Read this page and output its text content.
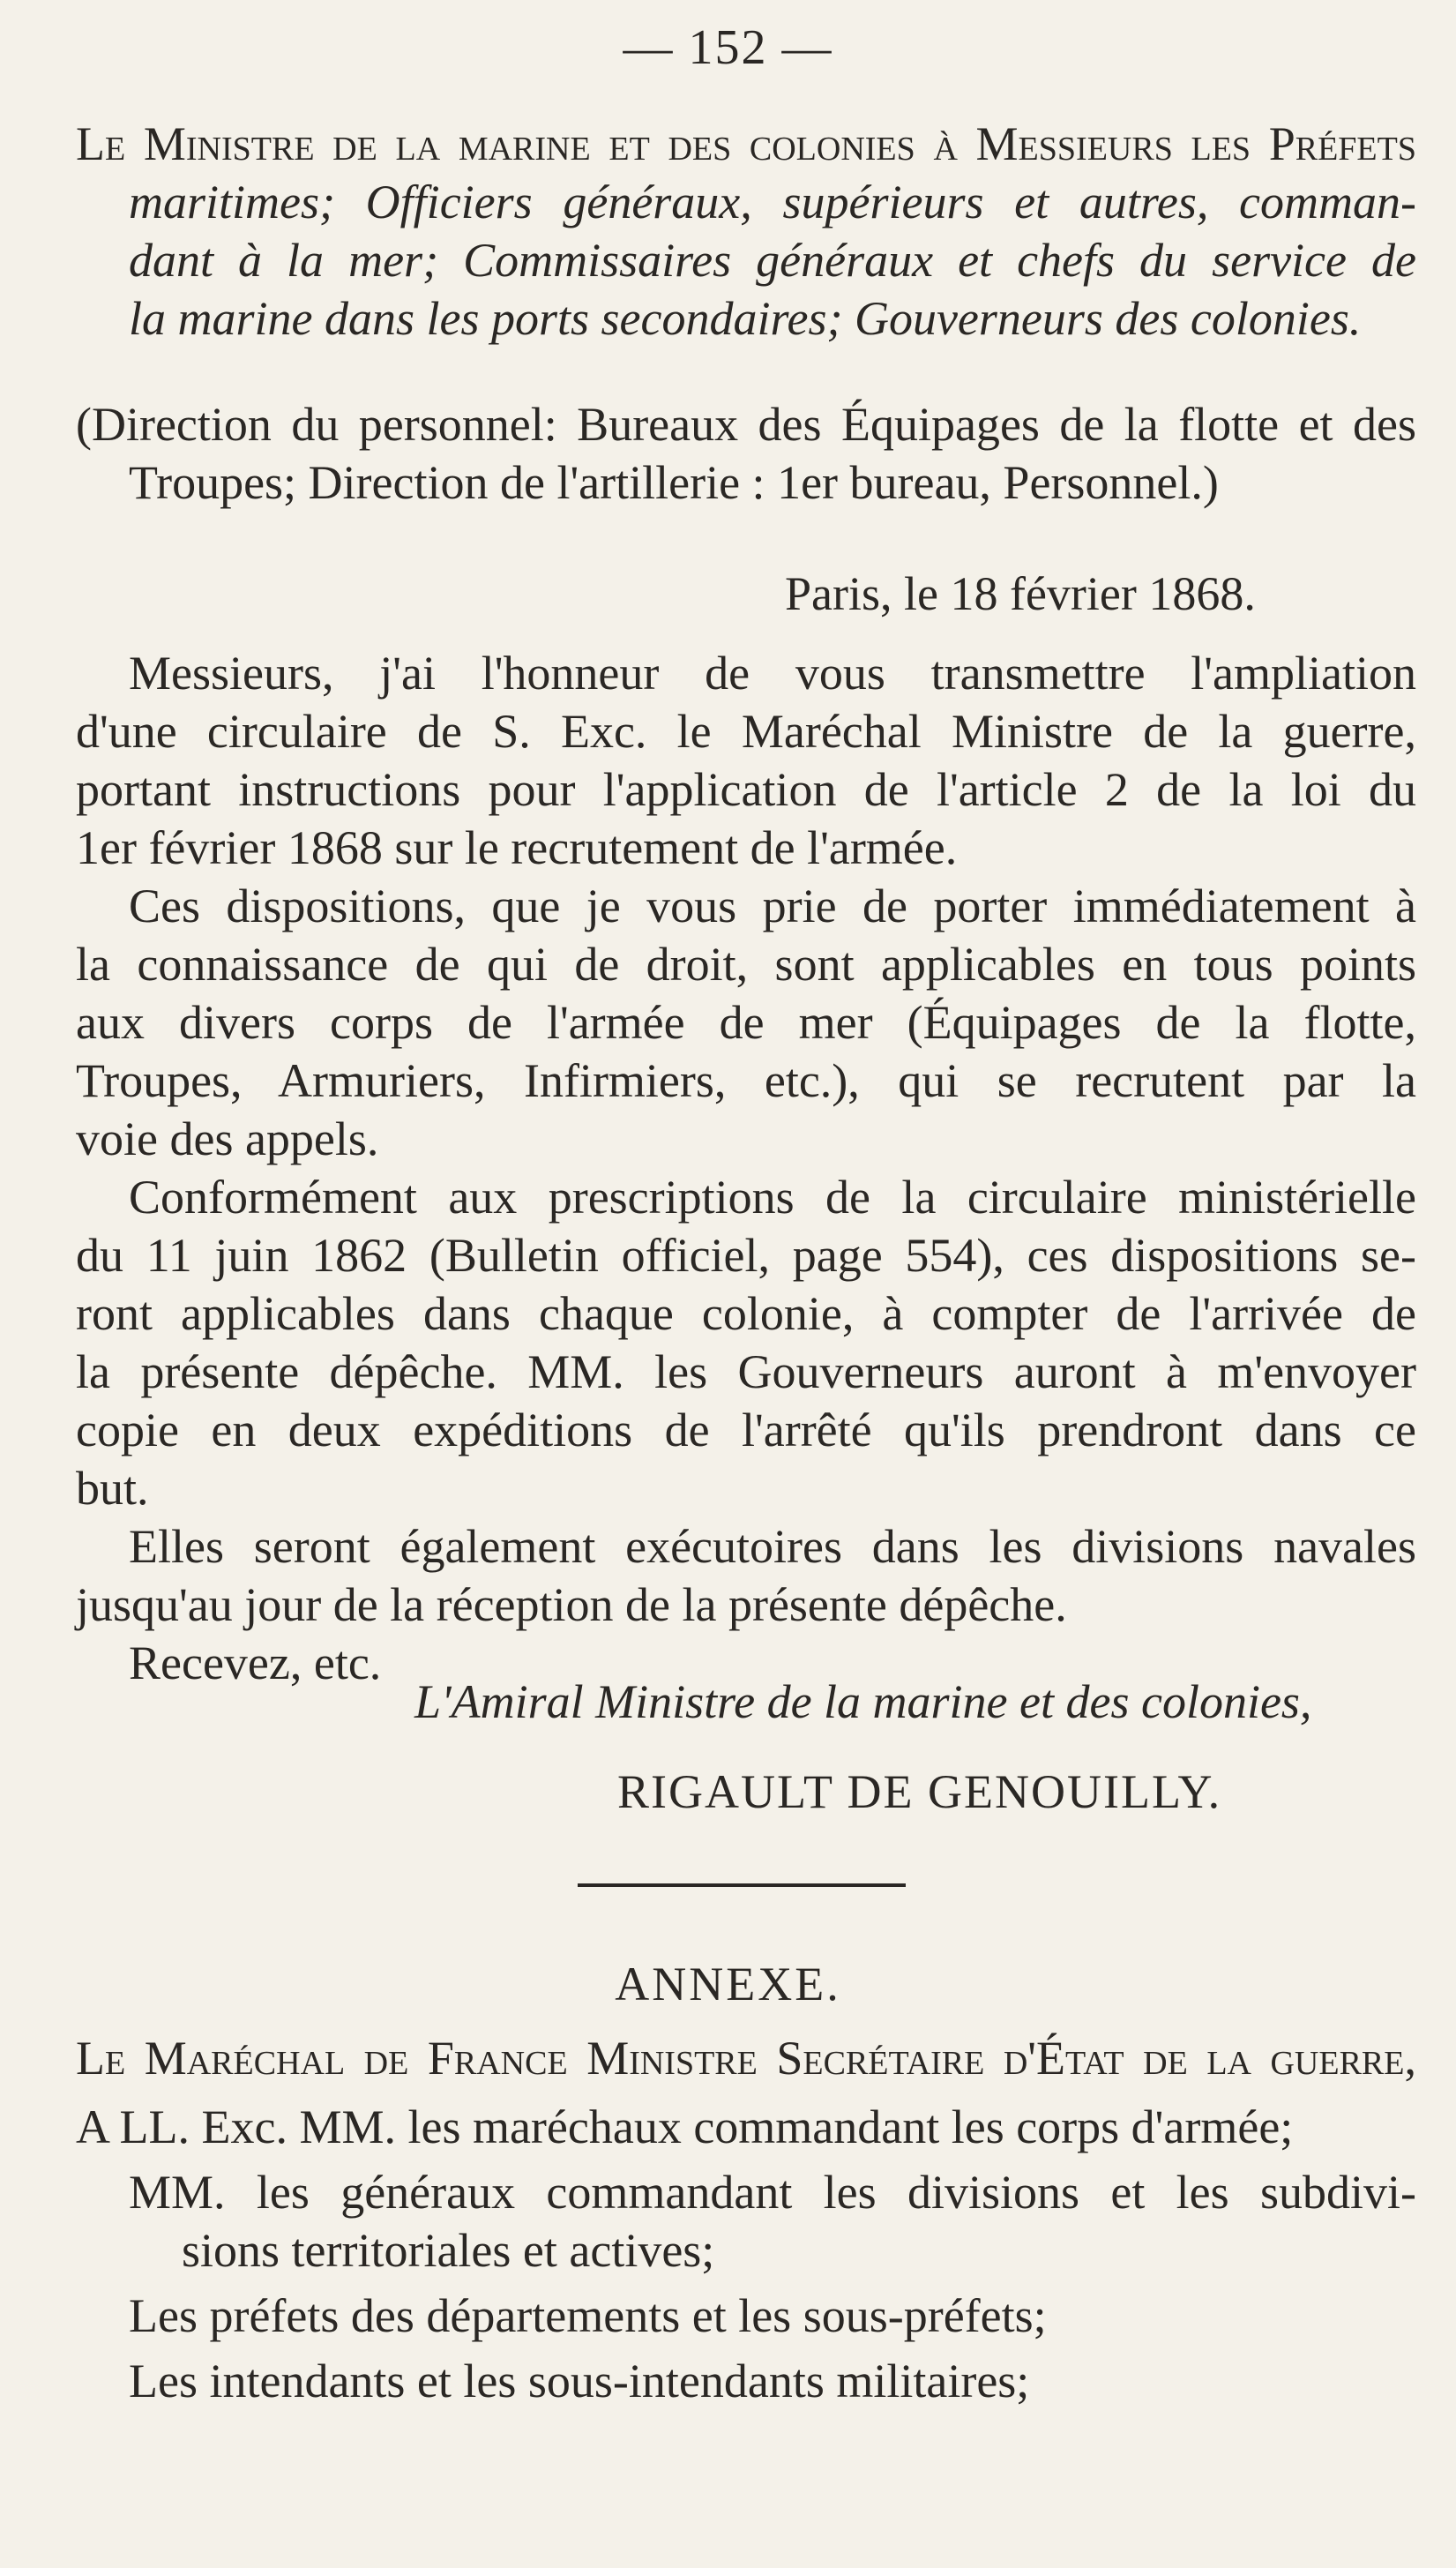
— 152 —
Le Ministre de la marine et des colonies à Messieurs les Préfets
maritimes; Officiers généraux, supérieurs et autres, comman-
dant à la mer; Commissaires généraux et chefs du service de
la marine dans les ports secondaires; Gouverneurs des colonies.
(Direction du personnel: Bureaux des Équipages de la flotte et des
Troupes; Direction de l'artillerie : 1er bureau, Personnel.)
Paris, le 18 février 1868.
Messieurs, j'ai l'honneur de vous transmettre l'ampliation
d'une circulaire de S. Exc. le Maréchal Ministre de la guerre,
portant instructions pour l'application de l'article 2 de la loi du
1er février 1868 sur le recrutement de l'armée.
Ces dispositions, que je vous prie de porter immédiatement à
la connaissance de qui de droit, sont applicables en tous points
aux divers corps de l'armée de mer (Équipages de la flotte,
Troupes, Armuriers, Infirmiers, etc.), qui se recrutent par la
voie des appels.
Conformément aux prescriptions de la circulaire ministérielle
du 11 juin 1862 (Bulletin officiel, page 554), ces dispositions se-
ront applicables dans chaque colonie, à compter de l'arrivée de
la présente dépêche. MM. les Gouverneurs auront à m'envoyer
copie en deux expéditions de l'arrêté qu'ils prendront dans ce
but.
Elles seront également exécutoires dans les divisions navales
jusqu'au jour de la réception de la présente dépêche.
Recevez, etc.
L'Amiral Ministre de la marine et des colonies,
RIGAULT DE GENOUILLY.
ANNEXE.
Le Maréchal de France Ministre Secrétaire d'État de la guerre,
A LL. Exc. MM. les maréchaux commandant les corps d'armée;
MM. les généraux commandant les divisions et les subdivi-
sions territoriales et actives;
Les préfets des départements et les sous-préfets;
Les intendants et les sous-intendants militaires;
